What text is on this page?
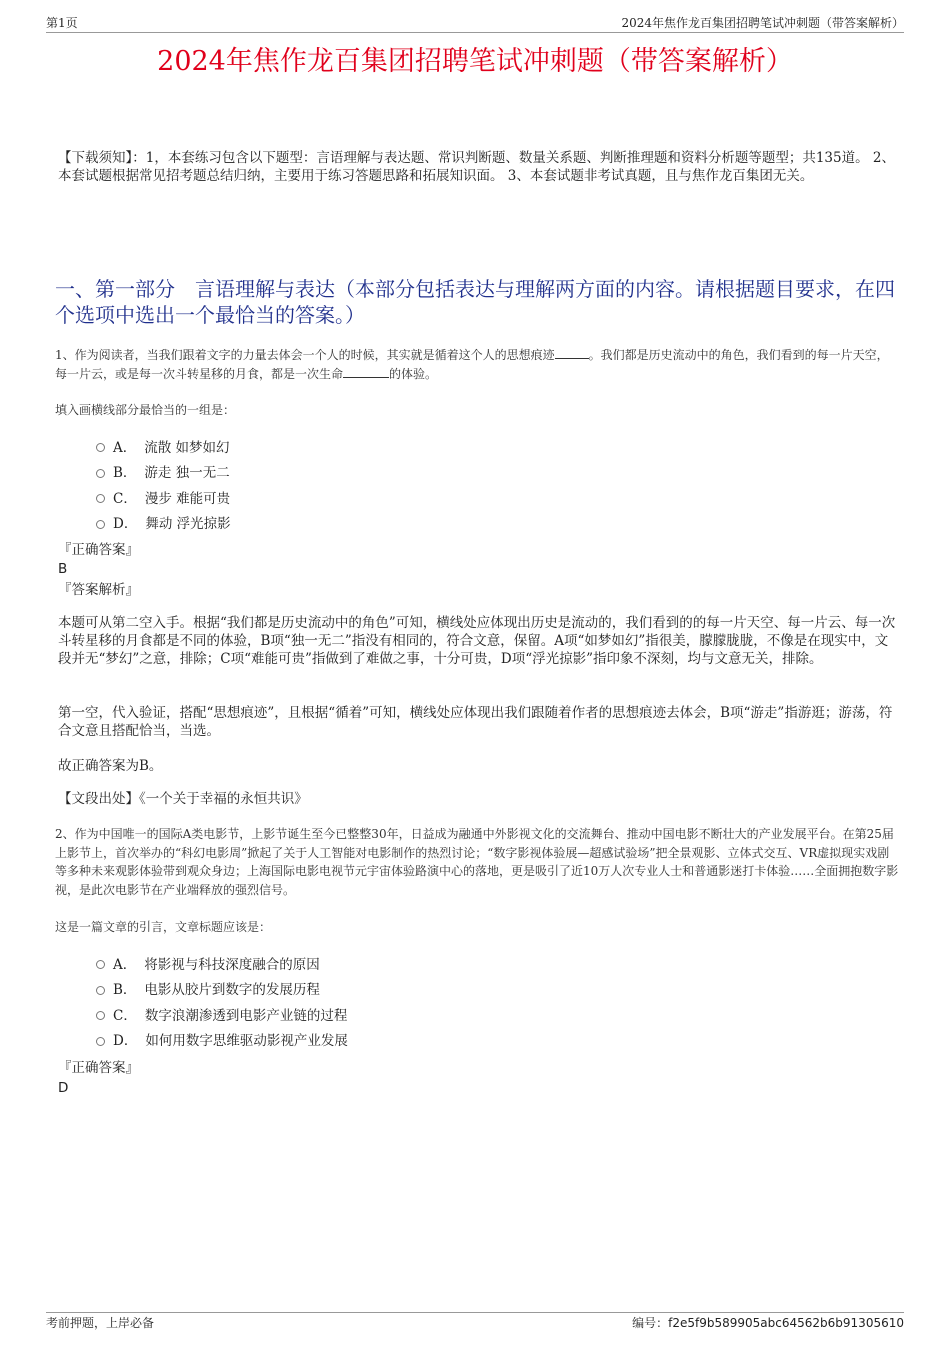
第1页	2024年焦作龙百集团招聘笔试冲刺题（带答案解析）
2024年焦作龙百集团招聘笔试冲刺题（带答案解析）
【下载须知】：1，本套练习包含以下题型：言语理解与表达题、常识判断题、数量关系题、判断推理题和资料分析题等题型；共135道。 2、本套试题根据常见招考题总结归纳，主要用于练习答题思路和拓展知识面。 3、本套试题非考试真题，且与焦作龙百集团无关。
一、第一部分　言语理解与表达（本部分包括表达与理解两方面的内容。请根据题目要求，在四个选项中选出一个最恰当的答案。）
1、作为阅读者，当我们跟着文字的力量去体会一个人的时候，其实就是循着这个人的思想痕迹	。我们都是历史流动中的角色，我们看到的每一片天空，每一片云，或是每一次斗转星移的月食，都是一次生命	的体验。
填入画横线部分最恰当的一组是：
A． 流散 如梦如幻
B． 游走 独一无二
C． 漫步 难能可贵
D． 舞动 浮光掠影
『正确答案』
B
『答案解析』
本题可从第二空入手。根据“我们都是历史流动中的角色”可知，横线处应体现出历史是流动的，我们看到的的每一片天空、每一片云、每一次斗转星移的月食都是不同的体验，B项“独一无二”指没有相同的，符合文意，保留。A项“如梦如幻”指很美，朦朦胧胧，不像是在现实中，文段并无“梦幻”之意，排除；C项“难能可贵”指做到了难做之事，十分可贵，D项“浮光掠影”指印象不深刻，均与文意无关，排除。
第一空，代入验证，搭配“思想痕迹”，且根据“循着”可知，横线处应体现出我们跟随着作者的思想痕迹去体会，B项“游走”指游逛；游荡，符合文意且搭配恰当，当选。
故正确答案为B。
【文段出处】《一个关于幸福的永恒共识》
2、作为中国唯一的国际A类电影节，上影节诞生至今已整整30年，日益成为融通中外影视文化的交流舞台、推动中国电影不断壮大的产业发展平台。在第25届上影节上，首次举办的“科幻电影周”掀起了关于人工智能对电影制作的热烈讨论；“数字影视体验展—超感试验场”把全景观影、立体式交互、VR虚拟现实戏剧等多种未来观影体验带到观众身边；上海国际电影电视节元宇宙体验路演中心的落地，更是吸引了近10万人次专业人士和普通影迷打卡体验……全面拥抱数字影视，是此次电影节在产业端释放的强烈信号。
这是一篇文章的引言，文章标题应该是：
A． 将影视与科技深度融合的原因
B． 电影从胶片到数字的发展历程
C． 数字浪潮渗透到电影产业链的过程
D． 如何用数字思维驱动影视产业发展
『正确答案』
D
考前押题，上岸必备	编号：f2e5f9b589905abc64562b6b91305610
